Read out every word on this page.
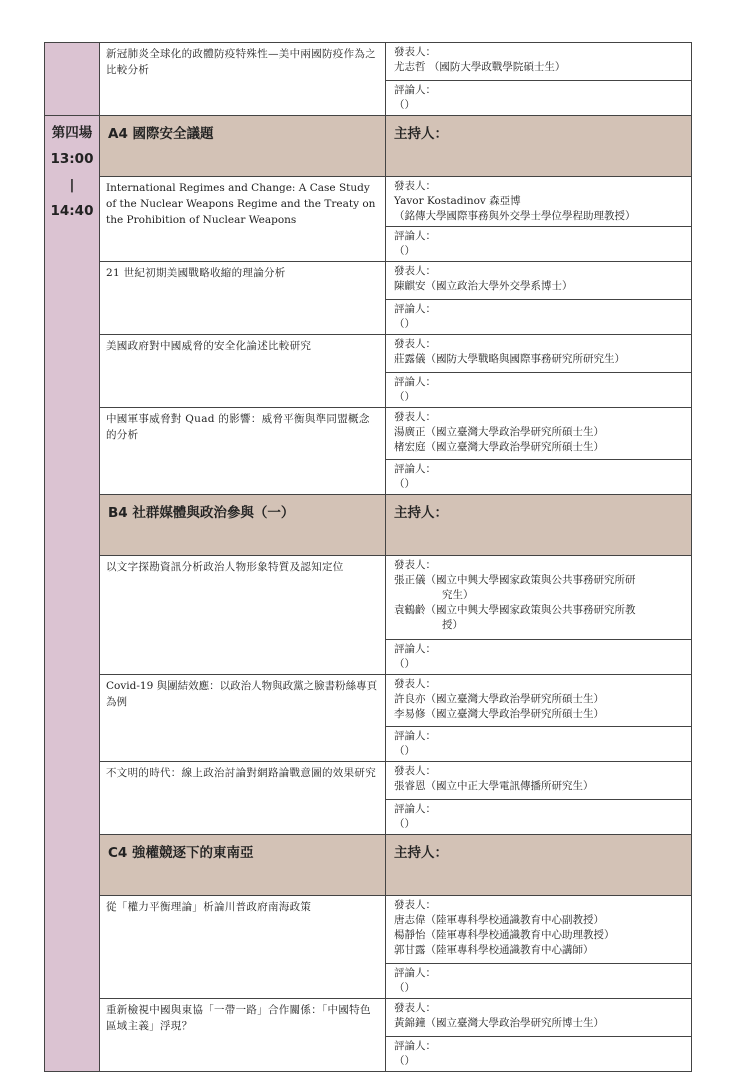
	新冠肺炎全球化的政體防疫特殊性—美中兩國防疫作為之比較分析	發表人：
尤志哲 （國防大學政戰學院碩士生）

		評論人：
（）

第四場
13:00
|
14:40	A4 國際安全議題	主持人：
	International Regimes and Change: A Case Study of the Nuclear Weapons Regime and the Treaty on the Prohibition of Nuclear Weapons	發表人：
Yavor Kostadinov 森亞博
（銘傳大學國際事務與外交學士學位學程助理教授）

		評論人：
（）

	21 世紀初期美國戰略收縮的理論分析	發表人：
陳麒安（國立政治大學外交學系博士）

		評論人：
（）

	美國政府對中國威脅的安全化論述比較研究	發表人：
莊露儀（國防大學戰略與國際事務研究所研究生）

		評論人：
（）

	中國軍事威脅對 Quad 的影響：威脅平衡與準同盟概念的分析	發表人：
湯廣正（國立臺灣大學政治學研究所碩士生）
楮宏庭（國立臺灣大學政治學研究所碩士生）

		評論人：
（）

	B4 社群媒體與政治參與（一）	主持人：
	以文字探勘資訊分析政治人物形象特質及認知定位	發表人：
張正儀（國立中興大學國家政策與公共事務研究所研
究生）
袁鶴齡（國立中興大學國家政策與公共事務研究所教
授）

		評論人：
（）

	Covid-19 與團結效應：以政治人物與政黨之臉書粉絲專頁為例	發表人：
許良亦（國立臺灣大學政治學研究所碩士生）
李易修（國立臺灣大學政治學研究所碩士生）

		評論人：
（）

	不文明的時代：線上政治討論對網路論戰意圖的效果研究	發表人：
張睿恩（國立中正大學電訊傳播所研究生）

		評論人：
（）

	C4 強權競逐下的東南亞	主持人：
	從「權力平衡理論」析論川普政府南海政策	發表人：
唐志偉（陸軍專科學校通識教育中心副教授）
楊靜怡（陸軍專科學校通識教育中心助理教授）
郭甘露（陸軍專科學校通識教育中心講師）

		評論人：
（）

	重新檢視中國與東協「一帶一路」合作關係：「中國特色區域主義」浮現？	發表人：
黃錦鐘（國立臺灣大學政治學研究所博士生）

		評論人：
（）
